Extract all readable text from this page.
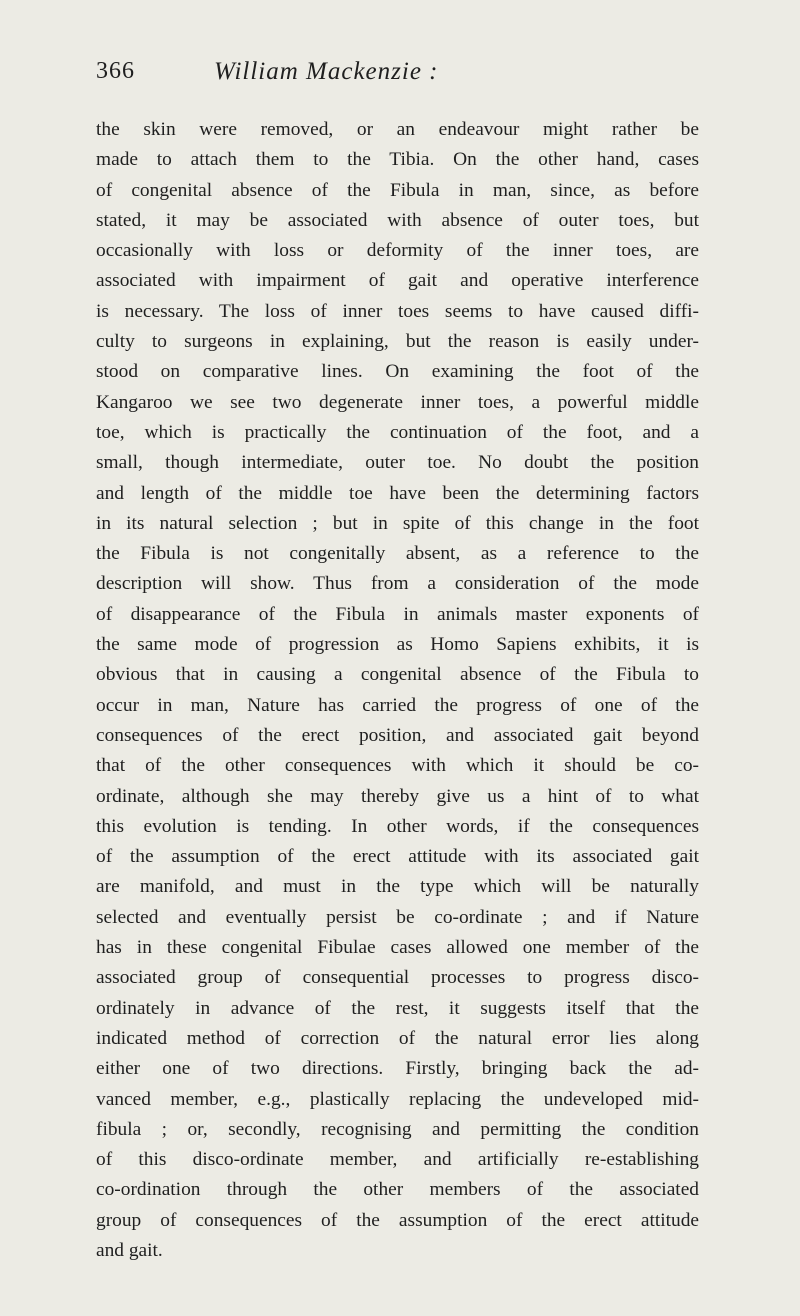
366	William Mackenzie :
the skin were removed, or an endeavour might rather be
made to attach them to the Tibia. On the other hand, cases
of congenital absence of the Fibula in man, since, as before
stated, it may be associated with absence of outer toes, but
occasionally with loss or deformity of the inner toes, are
associated with impairment of gait and operative interference
is necessary. The loss of inner toes seems to have caused diffi-
culty to surgeons in explaining, but the reason is easily under-
stood on comparative lines. On examining the foot of the
Kangaroo we see two degenerate inner toes, a powerful middle
toe, which is practically the continuation of the foot, and a
small, though intermediate, outer toe. No doubt the position
and length of the middle toe have been the determining factors
in its natural selection ; but in spite of this change in the foot
the Fibula is not congenitally absent, as a reference to the
description will show. Thus from a consideration of the mode
of disappearance of the Fibula in animals master exponents of
the same mode of progression as Homo Sapiens exhibits, it is
obvious that in causing a congenital absence of the Fibula to
occur in man, Nature has carried the progress of one of the
consequences of the erect position, and associated gait beyond
that of the other consequences with which it should be co-
ordinate, although she may thereby give us a hint of to what
this evolution is tending. In other words, if the consequences
of the assumption of the erect attitude with its associated gait
are manifold, and must in the type which will be naturally
selected and eventually persist be co-ordinate ; and if Nature
has in these congenital Fibulae cases allowed one member of the
associated group of consequential processes to progress disco-
ordinately in advance of the rest, it suggests itself that the
indicated method of correction of the natural error lies along
either one of two directions. Firstly, bringing back the ad-
vanced member, e.g., plastically replacing the undeveloped mid-
fibula ; or, secondly, recognising and permitting the condition
of this disco-ordinate member, and artificially re-establishing
co-ordination through the other members of the associated
group of consequences of the assumption of the erect attitude
and gait.
